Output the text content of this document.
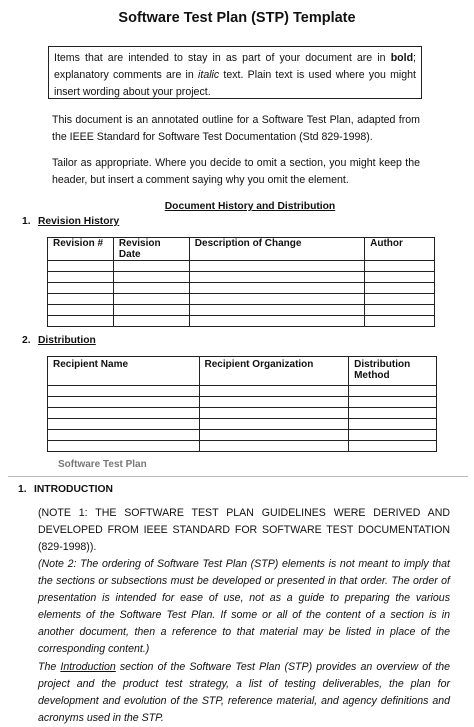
Software Test Plan (STP) Template
Items that are intended to stay in as part of your document are in bold; explanatory comments are in italic text. Plain text is used where you might insert wording about your project.
This document is an annotated outline for a Software Test Plan, adapted from the IEEE Standard for Software Test Documentation (Std 829-1998).
Tailor as appropriate. Where you decide to omit a section, you might keep the header, but insert a comment saying why you omit the element.
Document History and Distribution
1. Revision History
Revision #	Revision Date	Description of Change	Author

2. Distribution
Recipient Name	Recipient Organization	Distribution Method

Software Test Plan
1. INTRODUCTION
(NOTE 1: THE SOFTWARE TEST PLAN GUIDELINES WERE DERIVED AND DEVELOPED FROM IEEE STANDARD FOR SOFTWARE TEST DOCUMENTATION (829-1998)).
(Note 2: The ordering of Software Test Plan (STP) elements is not meant to imply that the sections or subsections must be developed or presented in that order. The order of presentation is intended for ease of use, not as a guide to preparing the various elements of the Software Test Plan. If some or all of the content of a section is in another document, then a reference to that material may be listed in place of the corresponding content.)
The Introduction section of the Software Test Plan (STP) provides an overview of the project and the product test strategy, a list of testing deliverables, the plan for development and evolution of the STP, reference material, and agency definitions and acronyms used in the STP.
